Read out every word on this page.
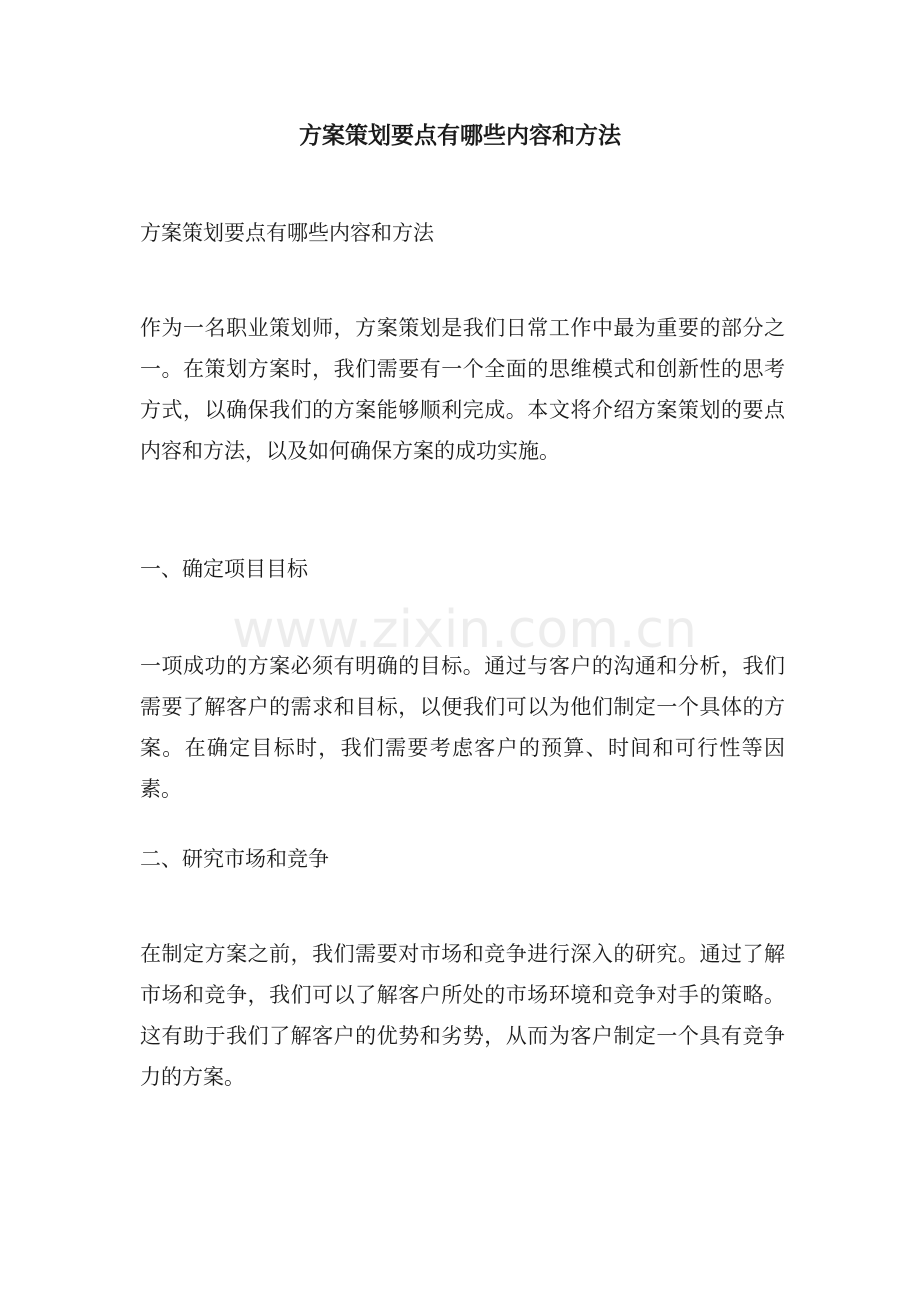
方案策划要点有哪些内容和方法

方案策划要点有哪些内容和方法

作为一名职业策划师，方案策划是我们日常工作中最为重要的部分之一。在策划方案时，我们需要有一个全面的思维模式和创新性的思考方式，以确保我们的方案能够顺利完成。本文将介绍方案策划的要点内容和方法，以及如何确保方案的成功实施。

一、确定项目目标

一项成功的方案必须有明确的目标。通过与客户的沟通和分析，我们需要了解客户的需求和目标，以便我们可以为他们制定一个具体的方案。在确定目标时，我们需要考虑客户的预算、时间和可行性等因素。

二、研究市场和竞争

在制定方案之前，我们需要对市场和竞争进行深入的研究。通过了解市场和竞争，我们可以了解客户所处的市场环境和竞争对手的策略。这有助于我们了解客户的优势和劣势，从而为客户制定一个具有竞争力的方案。

www.zixin.com.cn
